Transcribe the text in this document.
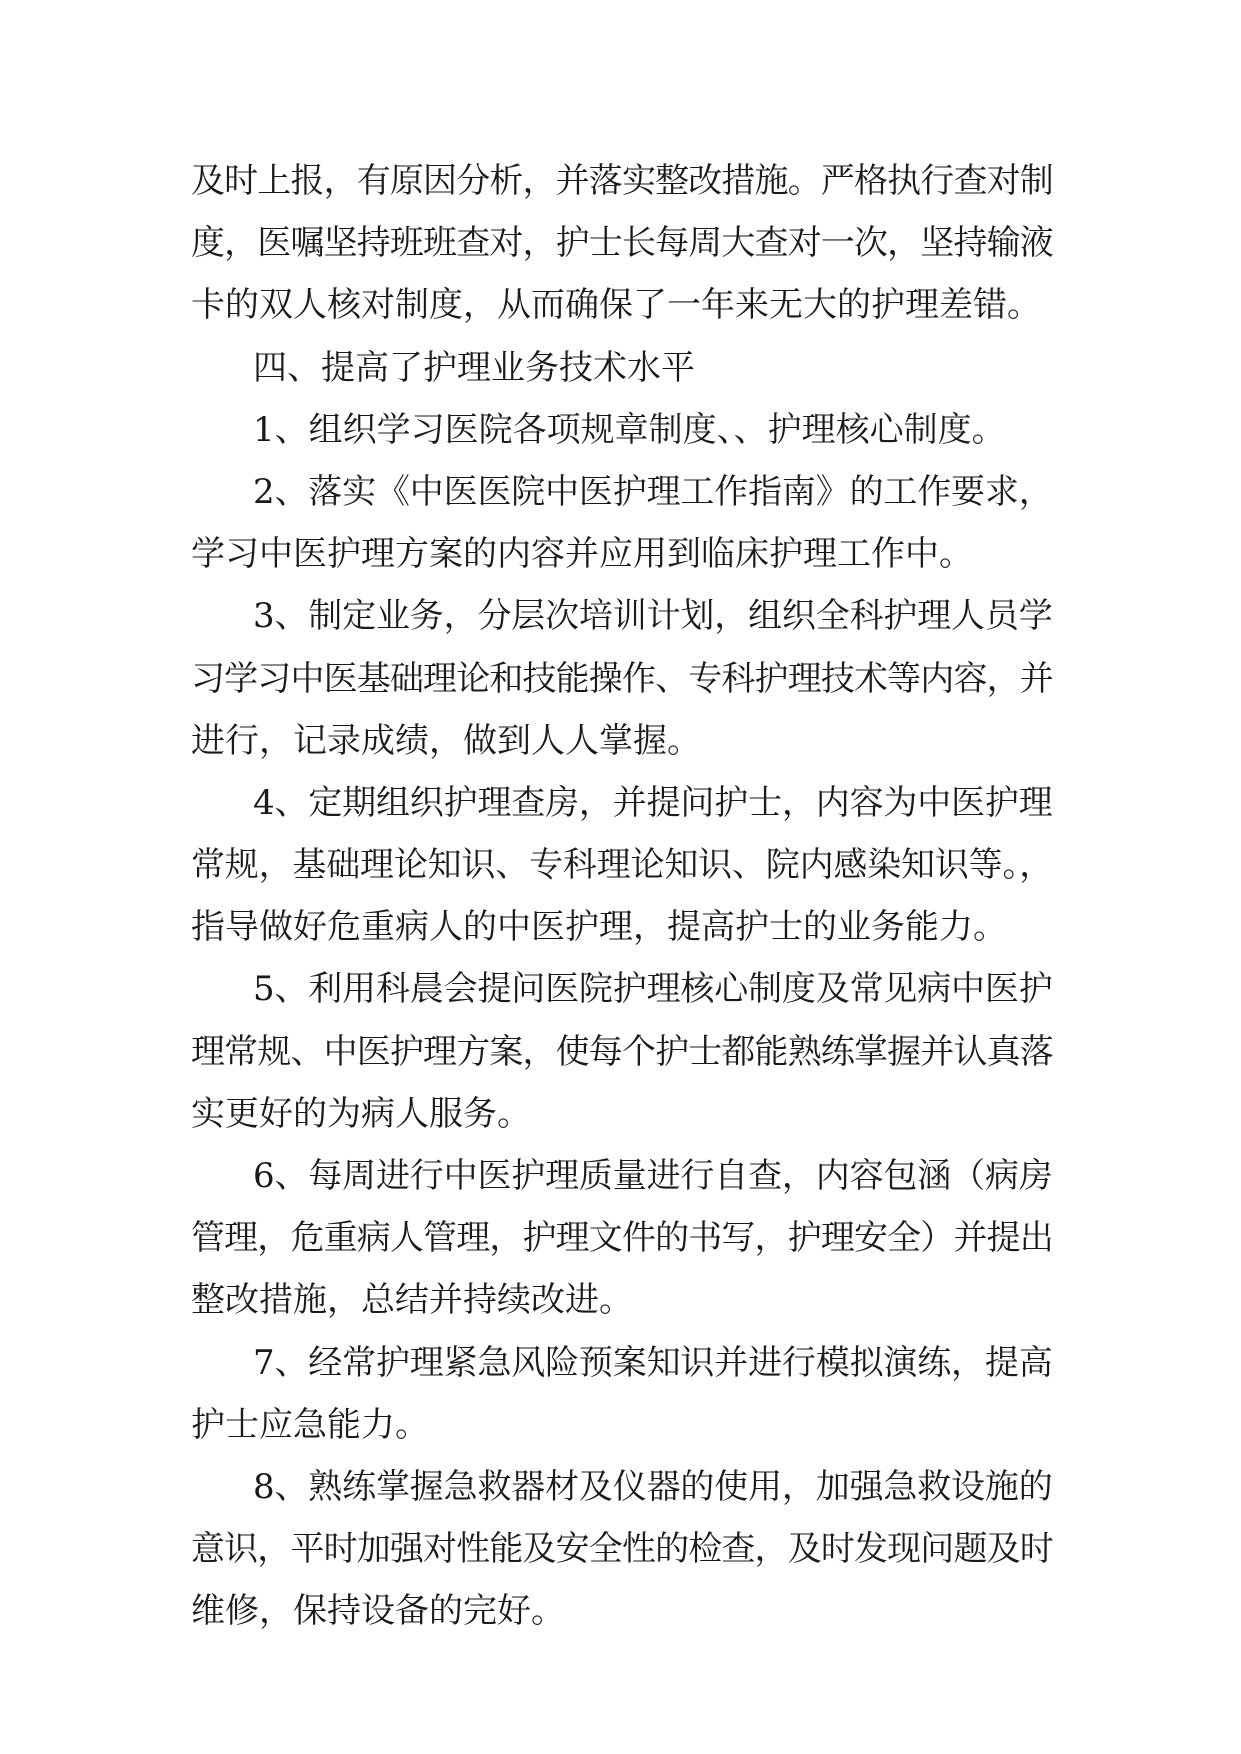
及时上报，有原因分析，并落实整改措施。严格执行查对制
度，医嘱坚持班班查对，护士长每周大查对一次，坚持输液
卡的双人核对制度，从而确保了一年来无大的护理差错。
四、提高了护理业务技术水平
1、组织学习医院各项规章制度、、护理核心制度。
2、落实《中医医院中医护理工作指南》的工作要求，
学习中医护理方案的内容并应用到临床护理工作中。
3、制定业务，分层次培训计划，组织全科护理人员学
习学习中医基础理论和技能操作、专科护理技术等内容，并
进行，记录成绩，做到人人掌握。
4、定期组织护理查房，并提问护士，内容为中医护理
常规，基础理论知识、专科理论知识、院内感染知识等。，
指导做好危重病人的中医护理，提高护士的业务能力。
5、利用科晨会提问医院护理核心制度及常见病中医护
理常规、中医护理方案，使每个护士都能熟练掌握并认真落
实更好的为病人服务。
6、每周进行中医护理质量进行自查，内容包涵（病房
管理，危重病人管理，护理文件的书写，护理安全）并提出
整改措施，总结并持续改进。
7、经常护理紧急风险预案知识并进行模拟演练，提高
护士应急能力。
8、熟练掌握急救器材及仪器的使用，加强急救设施的
意识，平时加强对性能及安全性的检查，及时发现问题及时
维修，保持设备的完好。
